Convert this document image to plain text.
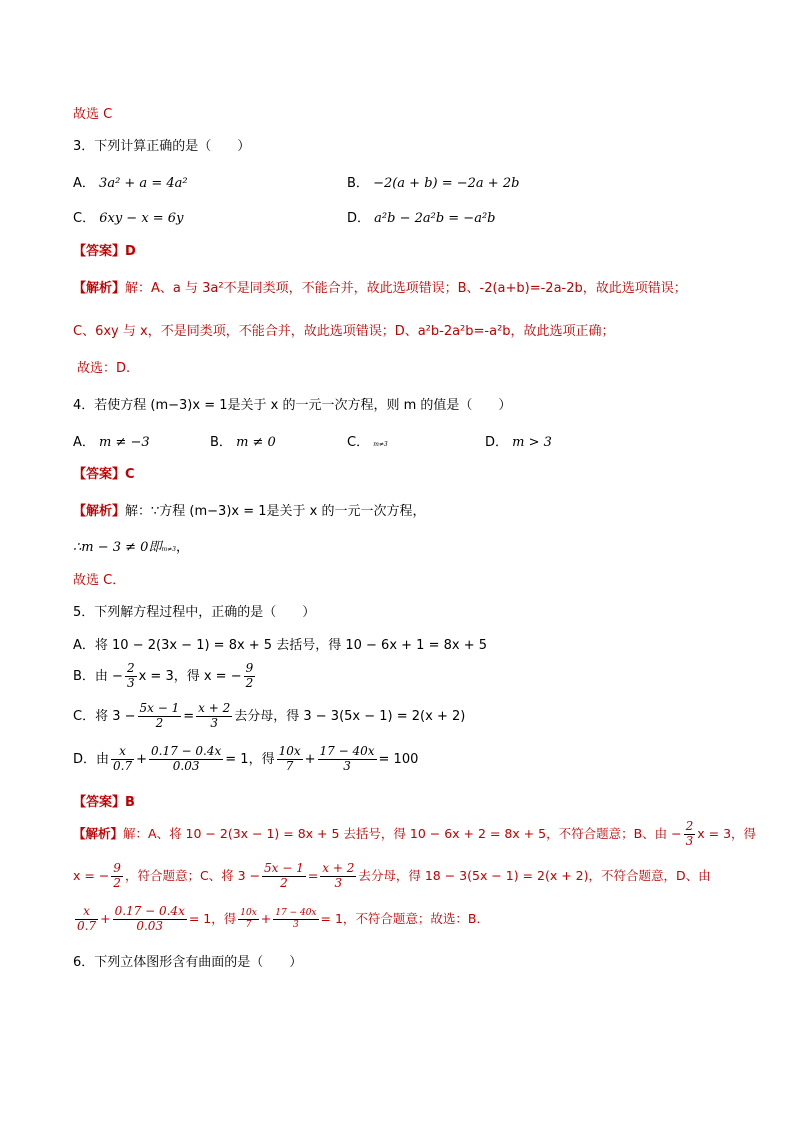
故选 C
3．下列计算正确的是（　　）
A． 3a² + a = 4a²	B． −2(a + b) = −2a + 2b
C． 6xy − x = 6y	D． a²b − 2a²b = −a²b
【答案】D
【解析】解：A、a 与 3a²不是同类项，不能合并，故此选项错误；B、-2(a+b)=-2a-2b，故此选项错误；
C、6xy 与 x，不是同类项，不能合并，故此选项错误；D、a²b-2a²b=-a²b，故此选项正确；
故选：D.
4．若使方程 (m−3)x = 1是关于 x 的一元一次方程，则 m 的值是（　　）
A． m ≠ −3	B． m ≠ 0	C． m≠3	D． m > 3
【答案】C
【解析】解：∵方程 (m−3)x = 1是关于 x 的一元一次方程，
∴m − 3 ≠ 0即m≠3，
故选 C．
5．下列解方程过程中，正确的是（　　）
A．将 10 − 2(3x − 1) = 8x + 5 去括号，得 10 − 6x + 1 = 8x + 5
B．由 − $\frac{2}{3}$ x = 3，得 x = − $\frac{9}{2}$
C．将 $3 - \frac{5x - 1}{2} = \frac{x + 2}{3}$ 去分母，得 3 − 3(5x − 1) = 2(x + 2)
D．由 $\frac{x}{0.7} + \frac{0.17 - 0.4x}{0.03} = 1$，得 $\frac{10x}{7} + \frac{17 - 40x}{3} = 100$
【答案】B
【解析】解：A、将 10 − 2(3x − 1) = 8x + 5 去括号，得 10 − 6x + 2 = 8x + 5，不符合题意；B、由 − $\frac{2}{3}$ x = 3，得
x = − $\frac{9}{2}$ ，符合题意；C、将 $3 - \frac{5x - 1}{2} = \frac{x + 2}{3}$ 去分母，得 18 − 3(5x − 1) = 2(x + 2)，不符合题意，D、由
$\frac{x}{0.7} + \frac{0.17 - 0.4x}{0.03} = 1$，得 $\frac{10x}{7} + \frac{17 - 40x}{3} = 1$，不符合题意；故选：B．
6．下列立体图形含有曲面的是（　　）
